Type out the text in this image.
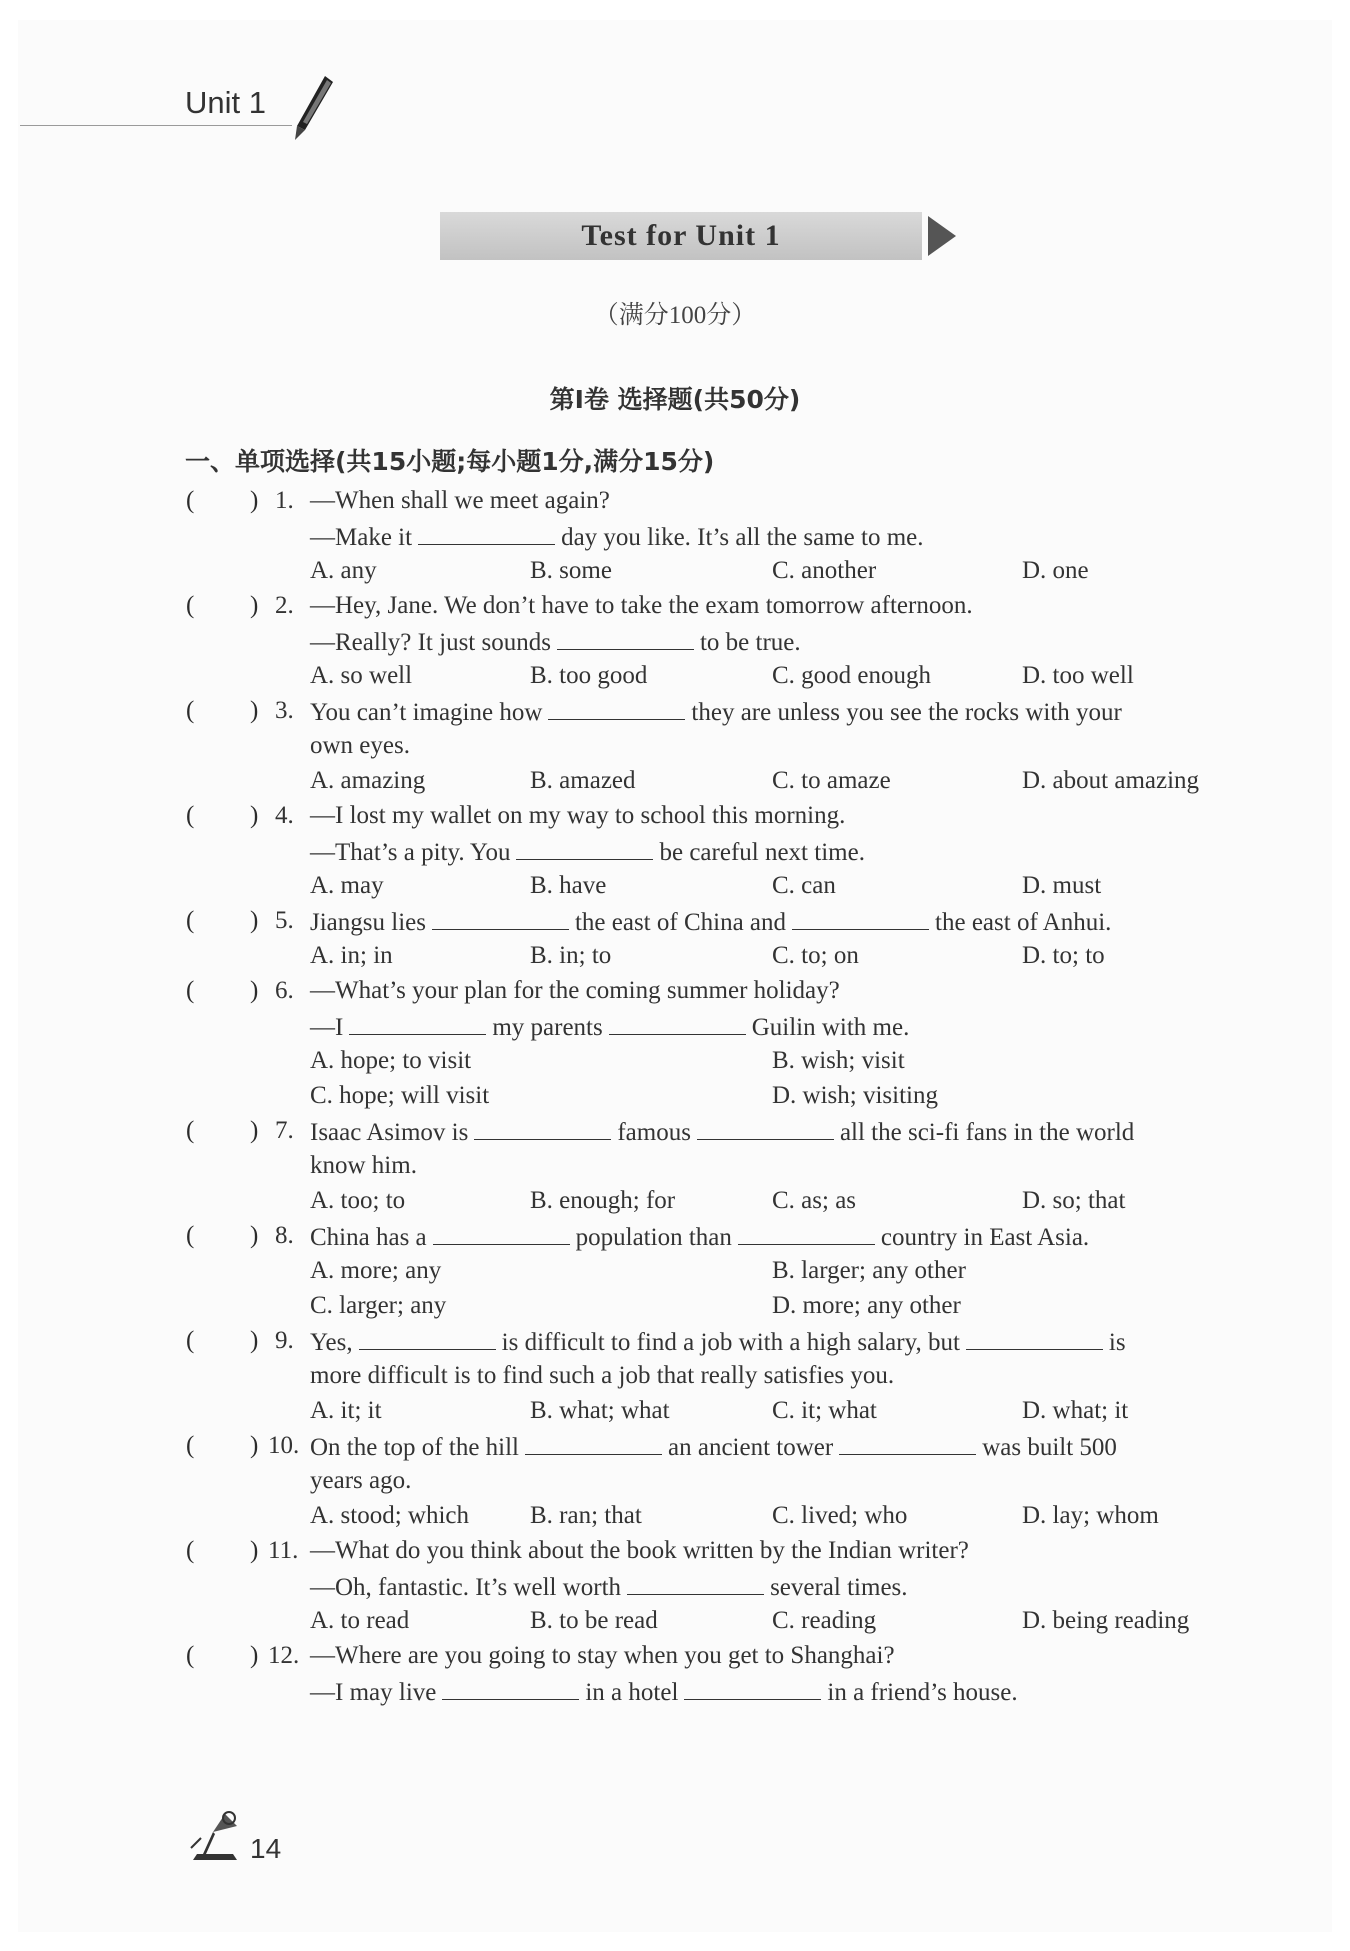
Unit 1
Test for Unit 1
（满分100分）
第Ⅰ卷 选择题(共50分)
一、单项选择(共15小题;每小题1分,满分15分)
( ) 1. —When shall we meet again?
—Make it	day you like. It’s all the same to me.
A. any	B. some	C. another	D. one
( ) 2. —Hey, Jane. We don’t have to take the exam tomorrow afternoon.
—Really? It just sounds	to be true.
A. so well	B. too good	C. good enough	D. too well
( ) 3. You can’t imagine how	they are unless you see the rocks with your
own eyes.
A. amazing	B. amazed	C. to amaze	D. about amazing
( ) 4. —I lost my wallet on my way to school this morning.
—That’s a pity. You	be careful next time.
A. may	B. have	C. can	D. must
( ) 5. Jiangsu lies	the east of China and	the east of Anhui.
A. in; in	B. in; to	C. to; on	D. to; to
( ) 6. —What’s your plan for the coming summer holiday?
—I	my parents	Guilin with me.
A. hope; to visit	B. wish; visit
C. hope; will visit	D. wish; visiting
( ) 7. Isaac Asimov is	famous	all the sci-fi fans in the world
know him.
A. too; to	B. enough; for	C. as; as	D. so; that
( ) 8. China has a	population than	country in East Asia.
A. more; any	B. larger; any other
C. larger; any	D. more; any other
( ) 9. Yes,	is difficult to find a job with a high salary, but	is
more difficult is to find such a job that really satisfies you.
A. it; it	B. what; what	C. it; what	D. what; it
( ) 10. On the top of the hill	an ancient tower	was built 500
years ago.
A. stood; which B. ran; that	C. lived; who	D. lay; whom
( ) 11. —What do you think about the book written by the Indian writer?
—Oh, fantastic. It’s well worth	several times.
A. to read	B. to be read	C. reading	D. being reading
( ) 12. —Where are you going to stay when you get to Shanghai?
—I may live	in a hotel	in a friend’s house.
14
